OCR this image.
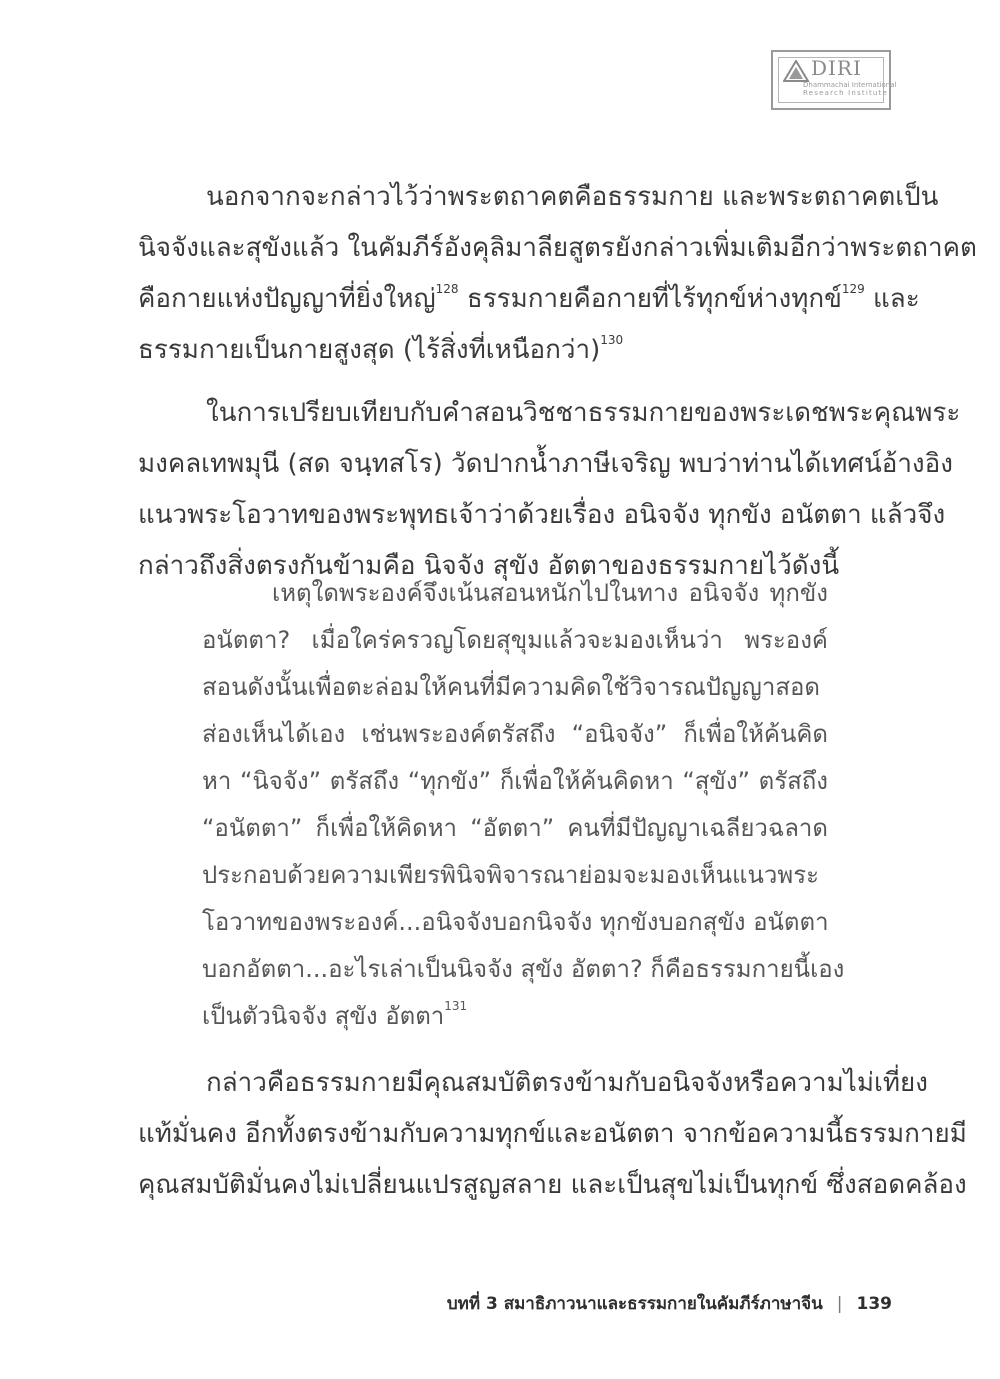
DIRI
Dhammachai International
Research Institute

นอกจากจะกล่าวไว้ว่าพระตถาคตคือธรรมกาย และพระตถาคตเป็น
นิจจังและสุขังแล้ว ในคัมภีร์อังคุลิมาลียสูตรยังกล่าวเพิ่มเติมอีกว่าพระตถาคต
คือกายแห่งปัญญาที่ยิ่งใหญ่$^{128}$ ธรรมกายคือกายที่ไร้ทุกข์ห่างทุกข์$^{129}$ และ
ธรรมกายเป็นกายสูงสุด (ไร้สิ่งที่เหนือกว่า)$^{130}$

ในการเปรียบเทียบกับคำสอนวิชชาธรรมกายของพระเดชพระคุณพระ
มงคลเทพมุนี (สด จนฺทสโร) วัดปากน้ำภาษีเจริญ พบว่าท่านได้เทศน์อ้างอิง
แนวพระโอวาทของพระพุทธเจ้าว่าด้วยเรื่อง อนิจจัง ทุกขัง อนัตตา แล้วจึง
กล่าวถึงสิ่งตรงกันข้ามคือ นิจจัง สุขัง อัตตาของธรรมกายไว้ดังนี้

เหตุใดพระองค์จึงเน้นสอนหนักไปในทาง อนิจจัง ทุกขัง
อนัตตา? เมื่อใคร่ครวญโดยสุขุมแล้วจะมองเห็นว่า พระองค์
สอนดังนั้นเพื่อตะล่อมให้คนที่มีความคิดใช้วิจารณปัญญาสอด
ส่องเห็นได้เอง เช่นพระองค์ตรัสถึง “อนิจจัง” ก็เพื่อให้ค้นคิด
หา “นิจจัง” ตรัสถึง “ทุกขัง” ก็เพื่อให้ค้นคิดหา “สุขัง” ตรัสถึง
“อนัตตา” ก็เพื่อให้คิดหา “อัตตา” คนที่มีปัญญาเฉลียวฉลาด
ประกอบด้วยความเพียรพินิจพิจารณาย่อมจะมองเห็นแนวพระ
โอวาทของพระองค์...อนิจจังบอกนิจจัง ทุกขังบอกสุขัง อนัตตา
บอกอัตตา...อะไรเล่าเป็นนิจจัง สุขัง อัตตา? ก็คือธรรมกายนี้เอง
เป็นตัวนิจจัง สุขัง อัตตา$^{131}$

กล่าวคือธรรมกายมีคุณสมบัติตรงข้ามกับอนิจจังหรือความไม่เที่ยง
แท้มั่นคง อีกทั้งตรงข้ามกับความทุกข์และอนัตตา จากข้อความนี้ธรรมกายมี
คุณสมบัติมั่นคงไม่เปลี่ยนแปรสูญสลาย และเป็นสุขไม่เป็นทุกข์ ซึ่งสอดคล้อง

บทที่ 3 สมาธิภาวนาและธรรมกายในคัมภีร์ภาษาจีน | 139
